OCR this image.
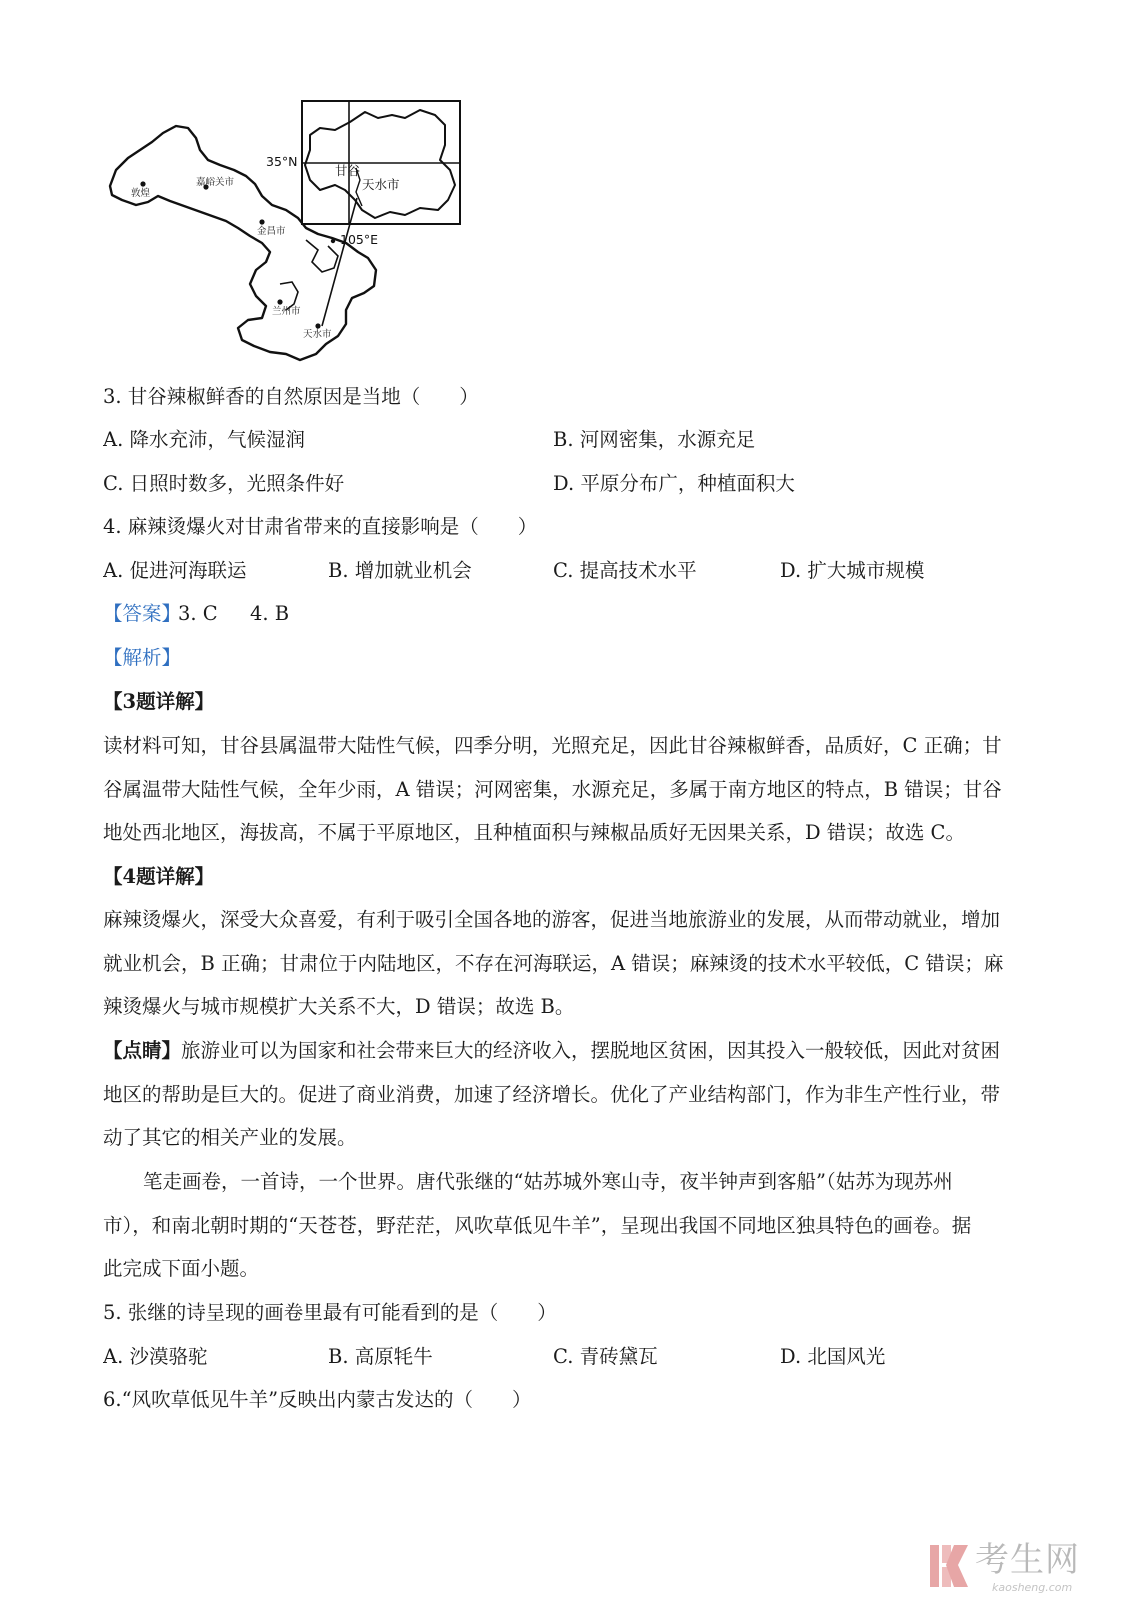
敦煌
嘉峪关市
金昌市
兰州市
天水市
35°N
105°E
甘谷
天水市
3. 甘谷辣椒鲜香的自然原因是当地（　　）
A. 降水充沛，气候湿润	B. 河网密集，水源充足
C. 日照时数多，光照条件好	D. 平原分布广，种植面积大
4. 麻辣烫爆火对甘肃省带来的直接影响是（　　）
A. 促进河海联运	B. 增加就业机会	C. 提高技术水平	D. 扩大城市规模
【答案】
3. C 4. B
【解析】
【3题详解】
读材料可知，甘谷县属温带大陆性气候，四季分明，光照充足，因此甘谷辣椒鲜香，品质好，C 正确；甘
谷属温带大陆性气候，全年少雨，A 错误；河网密集，水源充足，多属于南方地区的特点，B 错误；甘谷
地处西北地区，海拔高，不属于平原地区，且种植面积与辣椒品质好无因果关系，D 错误；故选 C。
【4题详解】
麻辣烫爆火，深受大众喜爱，有利于吸引全国各地的游客，促进当地旅游业的发展，从而带动就业，增加
就业机会，B 正确；甘肃位于内陆地区，不存在河海联运，A 错误；麻辣烫的技术水平较低，C 错误；麻
辣烫爆火与城市规模扩大关系不大，D 错误；故选 B。
【点睛】旅游业可以为国家和社会带来巨大的经济收入，摆脱地区贫困，因其投入一般较低，因此对贫困
地区的帮助是巨大的。促进了商业消费，加速了经济增长。优化了产业结构部门，作为非生产性行业，带
动了其它的相关产业的发展。
笔走画卷，一首诗，一个世界。唐代张继的“姑苏城外寒山寺，夜半钟声到客船”（姑苏为现苏州
市），和南北朝时期的“天苍苍，野茫茫，风吹草低见牛羊”，呈现出我国不同地区独具特色的画卷。据
此完成下面小题。
5. 张继的诗呈现的画卷里最有可能看到的是（　　）
A. 沙漠骆驼	B. 高原牦牛	C. 青砖黛瓦	D. 北国风光
6.“风吹草低见牛羊”反映出内蒙古发达的（　　）
考生网
kaosheng.com
